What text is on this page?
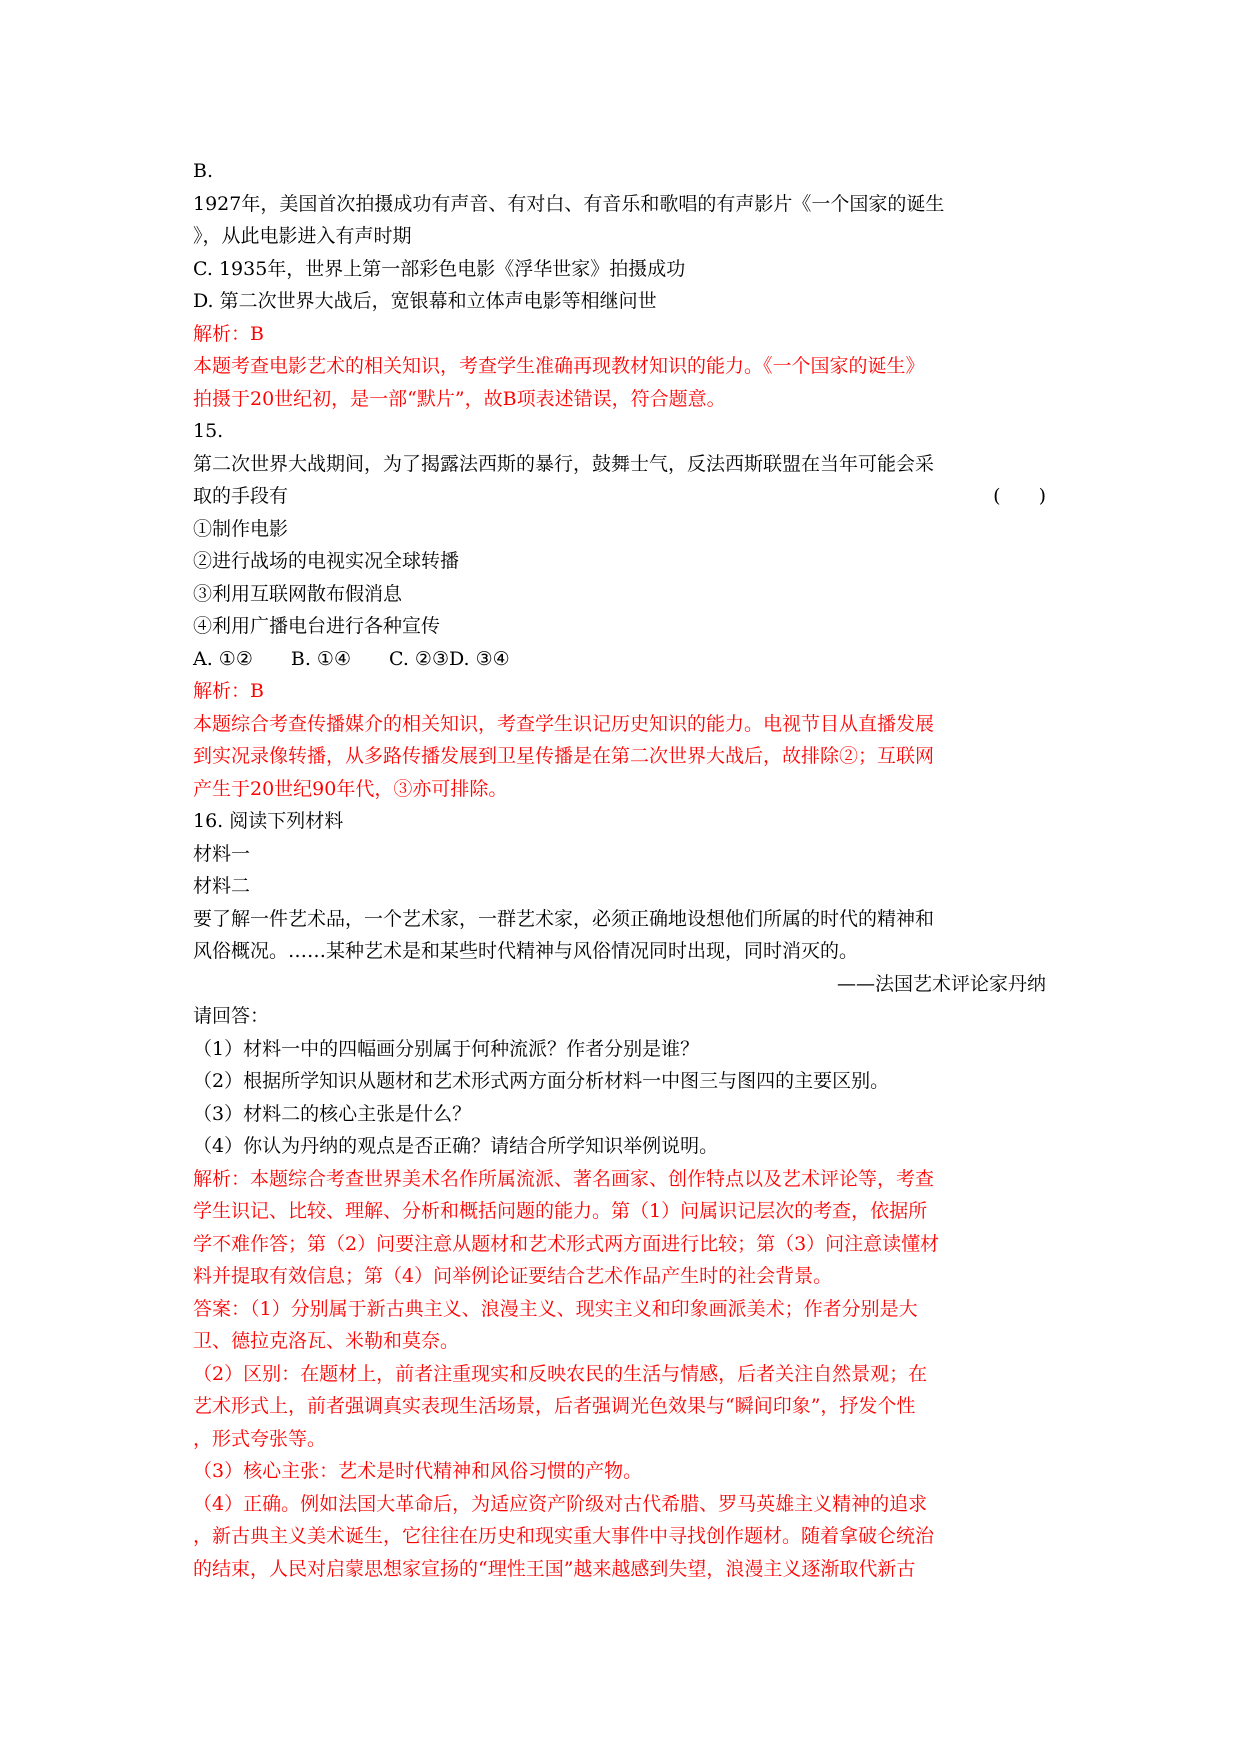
B.
1927年，美国首次拍摄成功有声音、有对白、有音乐和歌唱的有声影片《一个国家的诞生
》，从此电影进入有声时期
C. 1935年，世界上第一部彩色电影《浮华世家》拍摄成功
D. 第二次世界大战后，宽银幕和立体声电影等相继问世
解析：B
本题考查电影艺术的相关知识，考查学生准确再现教材知识的能力。《一个国家的诞生》
拍摄于20世纪初，是一部“默片”，故B项表述错误，符合题意。
15.
第二次世界大战期间，为了揭露法西斯的暴行，鼓舞士气，反法西斯联盟在当年可能会采
取的手段有	(　　)
①制作电影
②进行战场的电视实况全球转播
③利用互联网散布假消息
④利用广播电台进行各种宣传
A. ①②　　B. ①④　　C. ②③D. ③④
解析：B
本题综合考查传播媒介的相关知识，考查学生识记历史知识的能力。电视节目从直播发展
到实况录像转播，从多路传播发展到卫星传播是在第二次世界大战后，故排除②；互联网
产生于20世纪90年代，③亦可排除。
16. 阅读下列材料
材料一
材料二
要了解一件艺术品，一个艺术家，一群艺术家，必须正确地设想他们所属的时代的精神和
风俗概况。……某种艺术是和某些时代精神与风俗情况同时出现，同时消灭的。
——法国艺术评论家丹纳
请回答：
（1）材料一中的四幅画分别属于何种流派？作者分别是谁？
（2）根据所学知识从题材和艺术形式两方面分析材料一中图三与图四的主要区别。
（3）材料二的核心主张是什么？
（4）你认为丹纳的观点是否正确？请结合所学知识举例说明。
解析：本题综合考查世界美术名作所属流派、著名画家、创作特点以及艺术评论等，考查
学生识记、比较、理解、分析和概括问题的能力。第（1）问属识记层次的考查，依据所
学不难作答；第（2）问要注意从题材和艺术形式两方面进行比较；第（3）问注意读懂材
料并提取有效信息；第（4）问举例论证要结合艺术作品产生时的社会背景。
答案：（1）分别属于新古典主义、浪漫主义、现实主义和印象画派美术；作者分别是大
卫、德拉克洛瓦、米勒和莫奈。
（2）区别：在题材上，前者注重现实和反映农民的生活与情感，后者关注自然景观；在
艺术形式上，前者强调真实表现生活场景，后者强调光色效果与“瞬间印象”，抒发个性
，形式夸张等。
（3）核心主张：艺术是时代精神和风俗习惯的产物。
（4）正确。例如法国大革命后，为适应资产阶级对古代希腊、罗马英雄主义精神的追求
，新古典主义美术诞生，它往往在历史和现实重大事件中寻找创作题材。随着拿破仑统治
的结束，人民对启蒙思想家宣扬的“理性王国”越来越感到失望，浪漫主义逐渐取代新古
